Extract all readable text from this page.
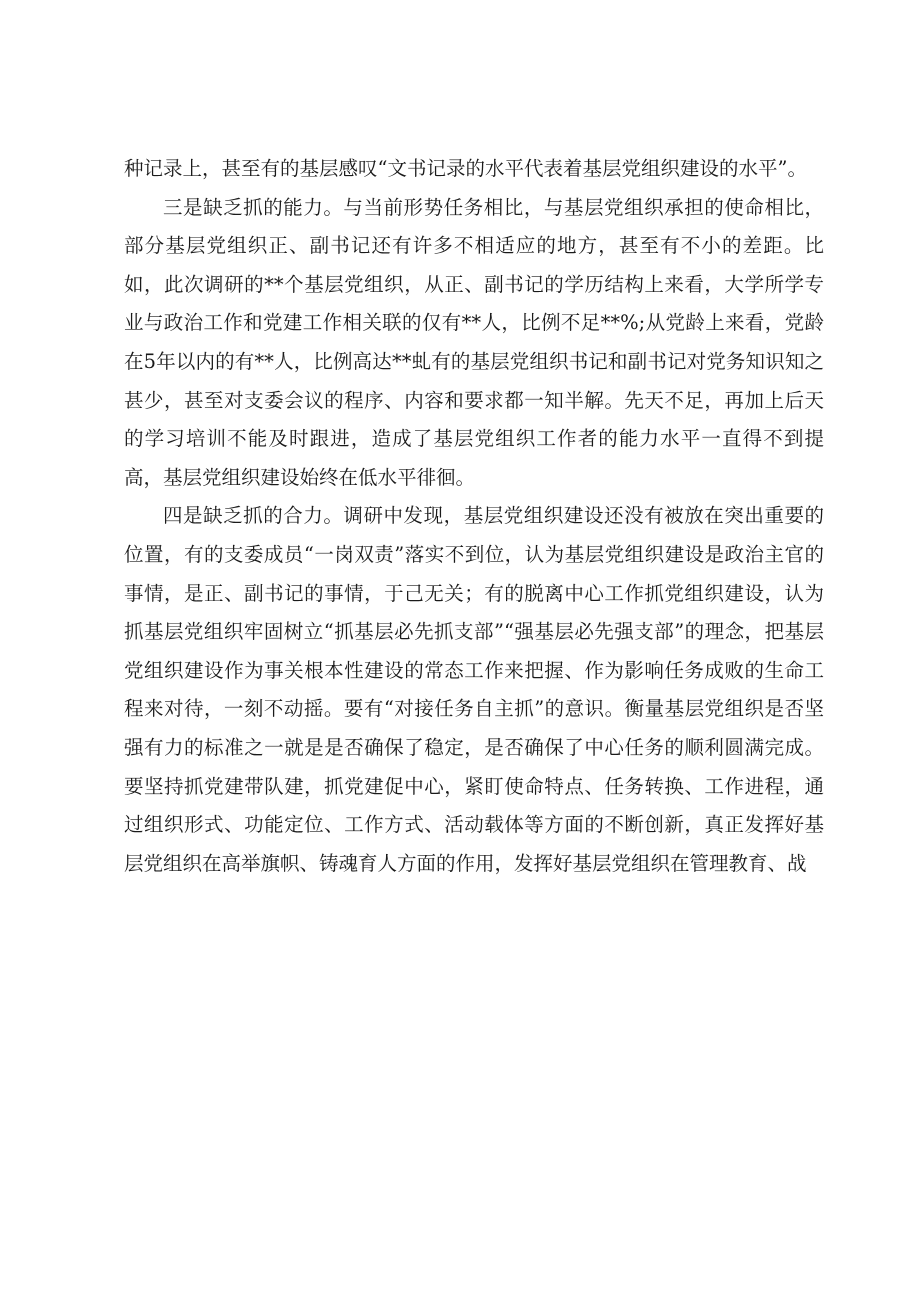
种记录上，甚至有的基层感叹“文书记录的水平代表着基层党组织建设的水平”。

三是缺乏抓的能力。与当前形势任务相比，与基层党组织承担的使命相比，部分基层党组织正、副书记还有许多不相适应的地方，甚至有不小的差距。比如，此次调研的**个基层党组织，从正、副书记的学历结构上来看，大学所学专业与政治工作和党建工作相关联的仅有**人，比例不足**%;从党龄上来看，党龄在5年以内的有**人，比例高达**虬有的基层党组织书记和副书记对党务知识知之甚少，甚至对支委会议的程序、内容和要求都一知半解。先天不足，再加上后天的学习培训不能及时跟进，造成了基层党组织工作者的能力水平一直得不到提高，基层党组织建设始终在低水平徘徊。

四是缺乏抓的合力。调研中发现，基层党组织建设还没有被放在突出重要的位置，有的支委成员“一岗双责”落实不到位，认为基层党组织建设是政治主官的事情，是正、副书记的事情，于己无关；有的脱离中心工作抓党组织建设，认为抓基层党组织牢固树立“抓基层必先抓支部”“强基层必先强支部”的理念，把基层党组织建设作为事关根本性建设的常态工作来把握、作为影响任务成败的生命工程来对待，一刻不动摇。要有“对接任务自主抓”的意识。衡量基层党组织是否坚强有力的标准之一就是是否确保了稳定，是否确保了中心任务的顺利圆满完成。要坚持抓党建带队建，抓党建促中心，紧盯使命特点、任务转换、工作进程，通过组织形式、功能定位、工作方式、活动载体等方面的不断创新，真正发挥好基层党组织在高举旗帜、铸魂育人方面的作用，发挥好基层党组织在管理教育、战
